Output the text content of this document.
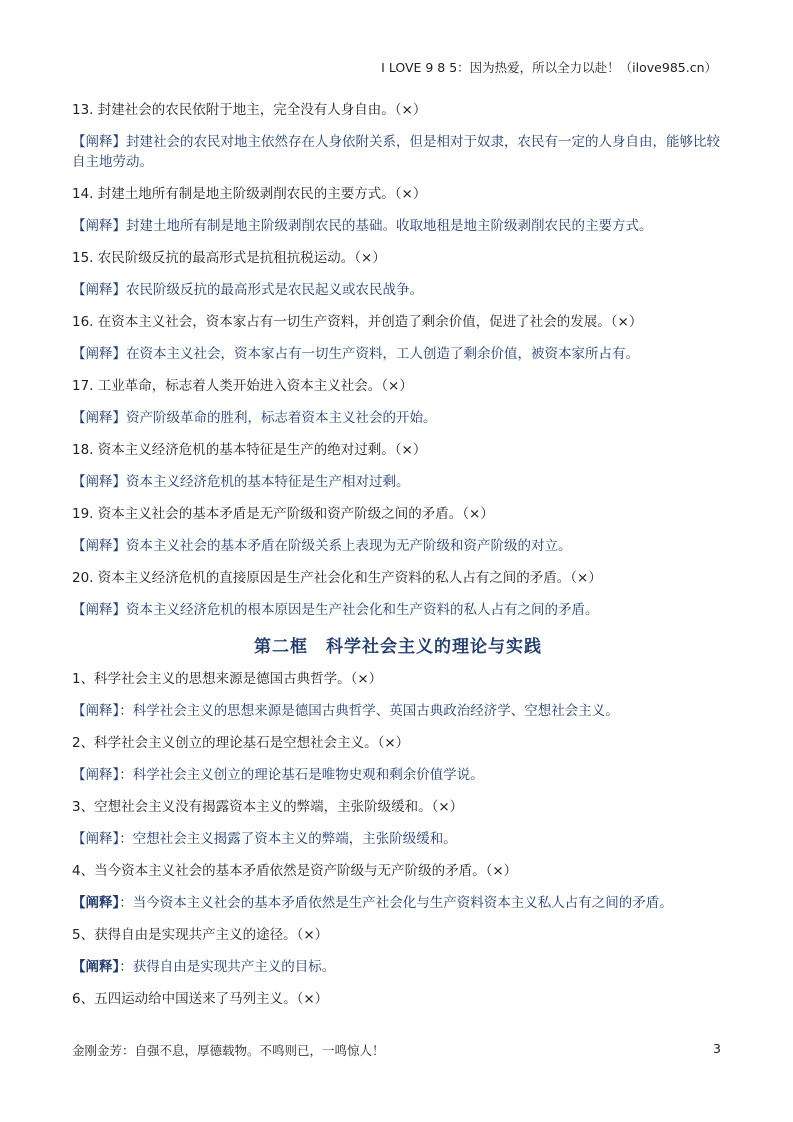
I LOVE 9 8 5：因为热爱，所以全力以赴！（ilove985.cn）

13. 封建社会的农民依附于地主，完全没有人身自由。（×）

【阐释】封建社会的农民对地主依然存在人身依附关系，但是相对于奴隶，农民有一定的人身自由，能够比较自主地劳动。

14. 封建土地所有制是地主阶级剥削农民的主要方式。（×）

【阐释】封建土地所有制是地主阶级剥削农民的基础。收取地租是地主阶级剥削农民的主要方式。

15. 农民阶级反抗的最高形式是抗租抗税运动。（×）

【阐释】农民阶级反抗的最高形式是农民起义或农民战争。

16. 在资本主义社会，资本家占有一切生产资料，并创造了剩余价值，促进了社会的发展。（×）

【阐释】在资本主义社会，资本家占有一切生产资料，工人创造了剩余价值，被资本家所占有。

17. 工业革命，标志着人类开始进入资本主义社会。（×）

【阐释】资产阶级革命的胜利，标志着资本主义社会的开始。

18. 资本主义经济危机的基本特征是生产的绝对过剩。（×）

【阐释】资本主义经济危机的基本特征是生产相对过剩。

19. 资本主义社会的基本矛盾是无产阶级和资产阶级之间的矛盾。（×）

【阐释】资本主义社会的基本矛盾在阶级关系上表现为无产阶级和资产阶级的对立。

20. 资本主义经济危机的直接原因是生产社会化和生产资料的私人占有之间的矛盾。（×）

【阐释】资本主义经济危机的根本原因是生产社会化和生产资料的私人占有之间的矛盾。

第二框　科学社会主义的理论与实践

1、科学社会主义的思想来源是德国古典哲学。（×）

【阐释】：科学社会主义的思想来源是德国古典哲学、英国古典政治经济学、空想社会主义。

2、科学社会主义创立的理论基石是空想社会主义。（×）

【阐释】：科学社会主义创立的理论基石是唯物史观和剩余价值学说。

3、空想社会主义没有揭露资本主义的弊端，主张阶级缓和。（×）

【阐释】：空想社会主义揭露了资本主义的弊端，主张阶级缓和。

4、当今资本主义社会的基本矛盾依然是资产阶级与无产阶级的矛盾。（×）

【阐释】：当今资本主义社会的基本矛盾依然是生产社会化与生产资料资本主义私人占有之间的矛盾。

5、获得自由是实现共产主义的途径。（×）

【阐释】：获得自由是实现共产主义的目标。

6、五四运动给中国送来了马列主义。（×）

金刚金芳：自强不息，厚德载物。不鸣则已，一鸣惊人！	3
